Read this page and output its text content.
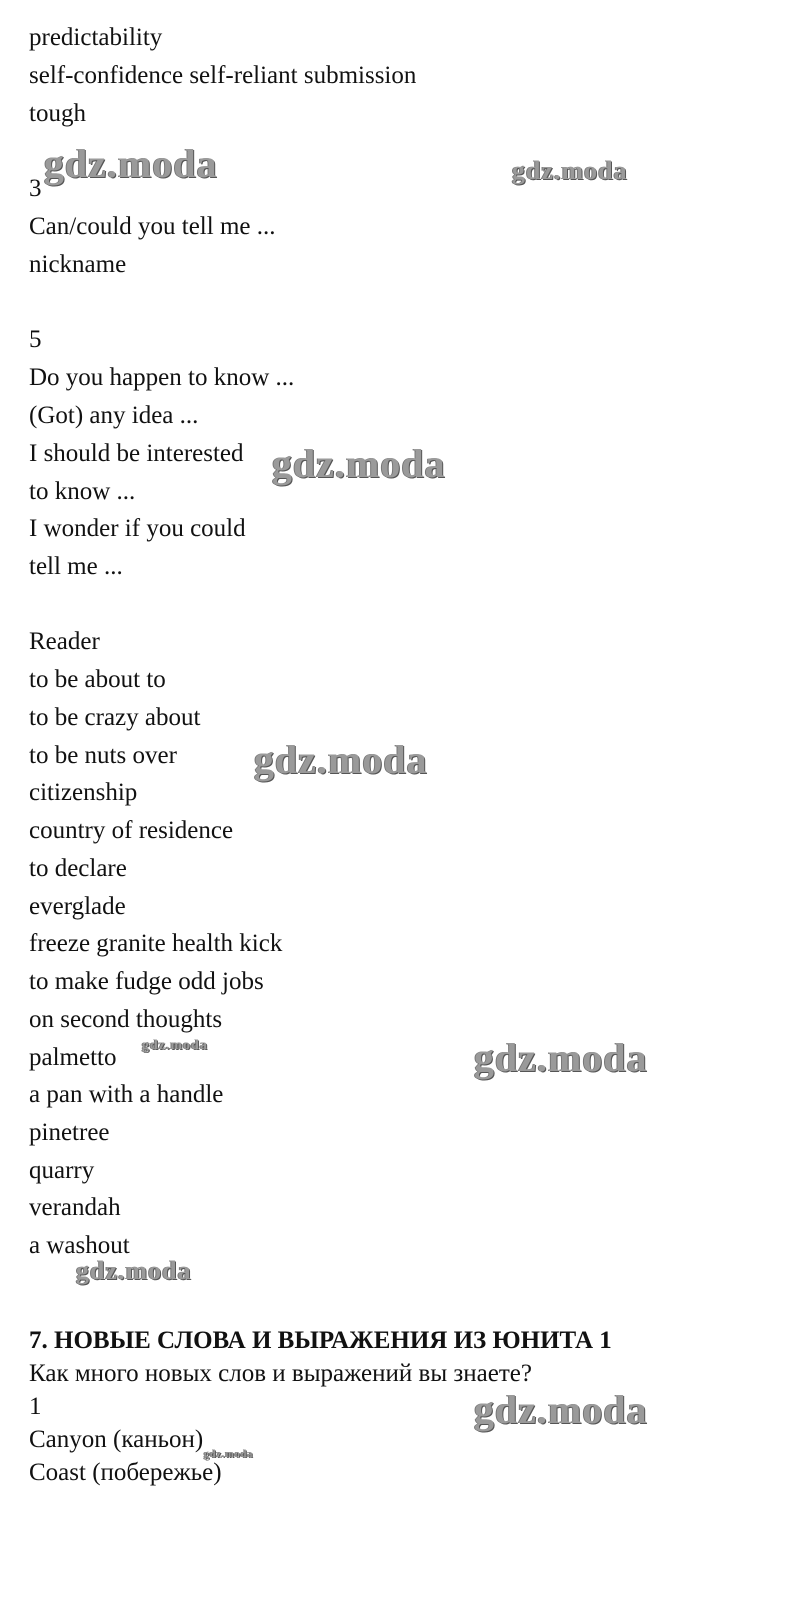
predictability

self-confidence self-reliant submission

tough

3

Can/could you tell me ...

nickname

5

Do you happen to know ...

(Got) any idea ...

I should be interested

to know ...

I wonder if you could

tell me ...

Reader

to be about to

to be crazy about

to be nuts over

citizenship

country of residence

to declare

everglade

freeze granite health kick

to make fudge odd jobs

on second thoughts

palmetto

a pan with a handle

pinetree

quarry

verandah

a washout

7. НОВЫЕ СЛОВА И ВЫРАЖЕНИЯ ИЗ ЮНИТА 1

Как много новых слов и выражений вы знаете?

1

Canyon (каньон)

Coast (побережье)

gdz.moda	gdz.moda
gdz.moda
gdz.moda
gdz.moda	gdz.moda
gdz.moda
gdz.moda
gdz.moda
